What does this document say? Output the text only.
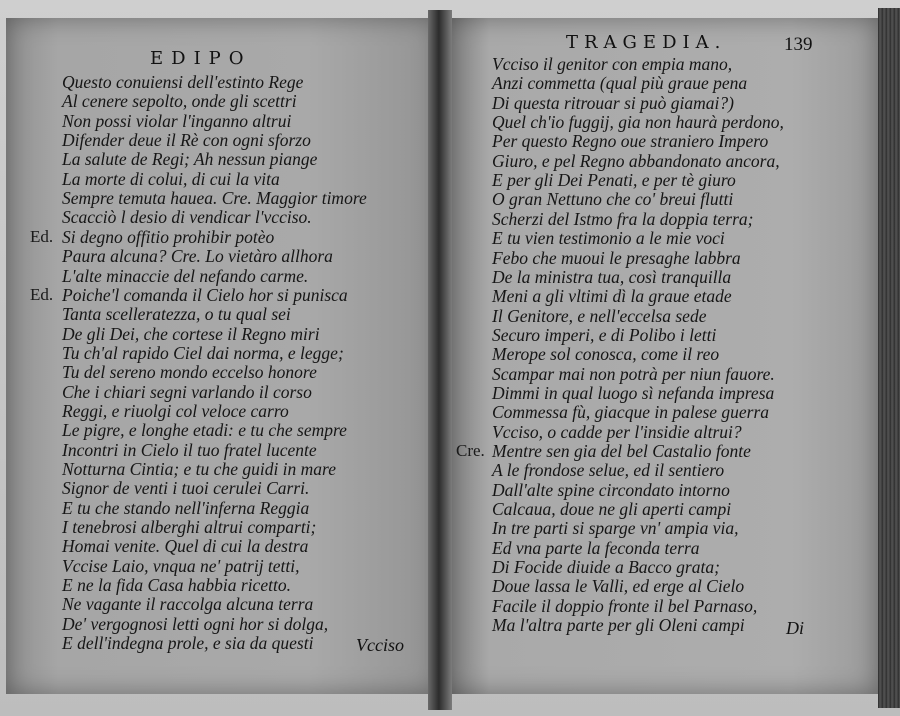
EDIPO
TRAGEDIA.	139
Questo conuiensi dell'estinto Rege
Al cenere sepolto, onde gli scettri
Non possi violar l'inganno altrui
Difender deue il Rè con ogni sforzo
La salute de Regi; Ah nessun piange
La morte di colui, di cui la vita
Sempre temuta hauea. Cre. Maggior timore
Scacciò l desio di vendicar l'vcciso.
Ed. Si degno offitio prohibir potèo
Paura alcuna? Cre. Lo vietàro allhora
L'alte minaccie del nefando carme.
Ed. Poiche'l comanda il Cielo hor si punisca
Tanta scelleratezza, o tu qual sei
De gli Dei, che cortese il Regno miri
Tu ch'al rapido Ciel dai norma, e legge;
Tu del sereno mondo eccelso honore
Che i chiari segni varlando il corso
Reggi, e riuolgi col veloce carro
Le pigre, e longhe etadi: e tu che sempre
Incontri in Cielo il tuo fratel lucente
Notturna Cintia; e tu che guidi in mare
Signor de venti i tuoi cerulei Carri.
E tu che stando nell'inferna Reggia
I tenebrosi alberghi altrui comparti;
Homai venite. Quel di cui la destra
Vccise Laio, vnqua ne' patrij tetti,
E ne la fida Casa habbia ricetto.
Ne vagante il raccolga alcuna terra
De' vergognosi letti ogni hor si dolga,
E dell'indegna prole, e sia da questi
Vcciso il genitor con empia mano,
Anzi commetta (qual più graue pena
Di questa ritrouar si può giamai?)
Quel ch'io fuggij, gia non haurà perdono,
Per questo Regno oue straniero Impero
Giuro, e pel Regno abbandonato ancora,
E per gli Dei Penati, e per tè giuro
O gran Nettuno che co' breui flutti
Scherzi del Istmo fra la doppia terra;
E tu vien testimonio a le mie voci
Febo che muoui le presaghe labbra
De la ministra tua, così tranquilla
Meni a gli vltimi dì la graue etade
Il Genitore, e nell'eccelsa sede
Securo imperi, e di Polibo i letti
Merope sol conosca, come il reo
Scampar mai non potrà per niun fauore.
Dimmi in qual luogo sì nefanda impresa
Commessa fù, giacque in palese guerra
Vcciso, o cadde per l'insidie altrui?
Cre. Mentre sen gia del bel Castalio fonte
A le frondose selue, ed il sentiero
Dall'alte spine circondato intorno
Calcaua, doue ne gli aperti campi
In tre parti si sparge vn' ampia via,
Ed vna parte la feconda terra
Di Focide diuide a Bacco grata;
Doue lassa le Valli, ed erge al Cielo
Facile il doppio fronte il bel Parnaso,
Ma l'altra parte per gli Oleni campi
Vcciso
Di
